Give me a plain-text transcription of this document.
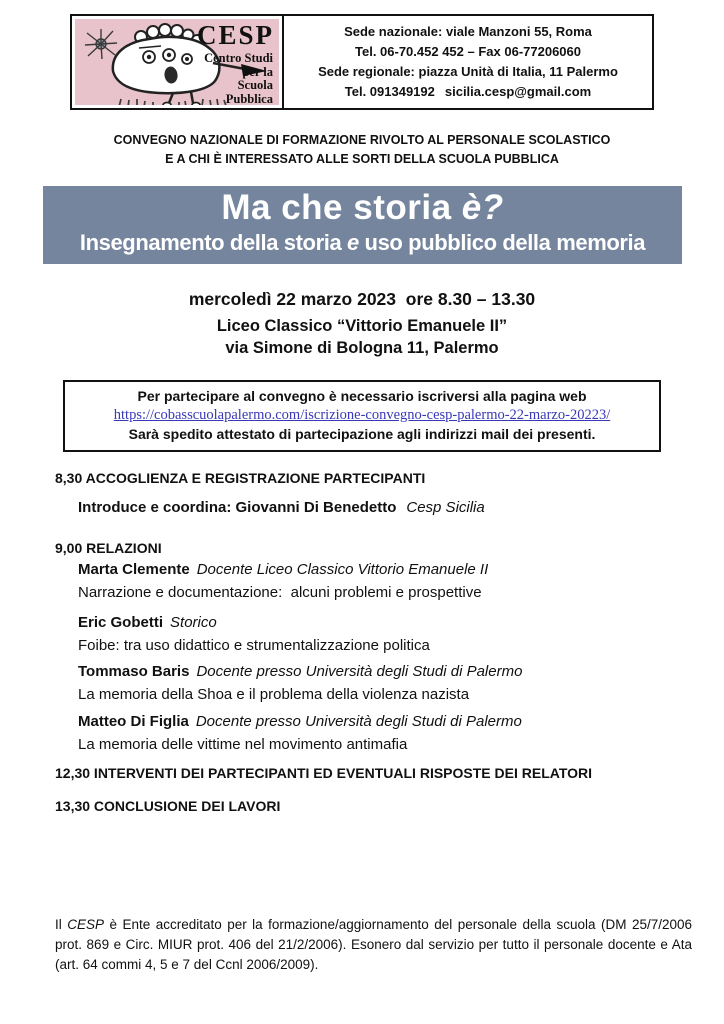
CESP
Centro Studi
per la
Scuola
Pubblica
Sede nazionale: viale Manzoni 55, Roma
Tel. 06-70.452 452 – Fax 06-77206060
Sede regionale: piazza Unità di Italia, 11 Palermo
Tel. 091349192 sicilia.cesp@gmail.com
CONVEGNO NAZIONALE DI FORMAZIONE RIVOLTO AL PERSONALE SCOLASTICO
E A CHI È INTERESSATO ALLE SORTI DELLA SCUOLA PUBBLICA
Ma che storia è?
Insegnamento della storia e uso pubblico della memoria
mercoledì 22 marzo 2023  ore 8.30 – 13.30
Liceo Classico “Vittorio Emanuele II”
via Simone di Bologna 11, Palermo
Per partecipare al convegno è necessario iscriversi alla pagina web
https://cobasscuolapalermo.com/iscrizione-convegno-cesp-palermo-22-marzo-20223/
Sarà spedito attestato di partecipazione agli indirizzi mail dei presenti.
8,30 ACCOGLIENZA E REGISTRAZIONE PARTECIPANTI
Introduce e coordina: Giovanni Di Benedetto Cesp Sicilia
9,00 RELAZIONI
Marta Clemente Docente Liceo Classico Vittorio Emanuele II
Narrazione e documentazione:  alcuni problemi e prospettive
Eric Gobetti Storico
Foibe: tra uso didattico e strumentalizzazione politica
Tommaso Baris Docente presso Università degli Studi di Palermo
La memoria della Shoa e il problema della violenza nazista
Matteo Di Figlia Docente presso Università degli Studi di Palermo
La memoria delle vittime nel movimento antimafia
12,30 INTERVENTI DEI PARTECIPANTI ED EVENTUALI RISPOSTE DEI RELATORI
13,30 CONCLUSIONE DEI LAVORI
Il CESP è Ente accreditato per la formazione/aggiornamento del personale della scuola (DM 25/7/2006 prot. 869 e Circ. MIUR prot. 406 del 21/2/2006). Esonero dal servizio per tutto il personale docente e Ata (art. 64 commi 4, 5 e 7 del Ccnl 2006/2009).
